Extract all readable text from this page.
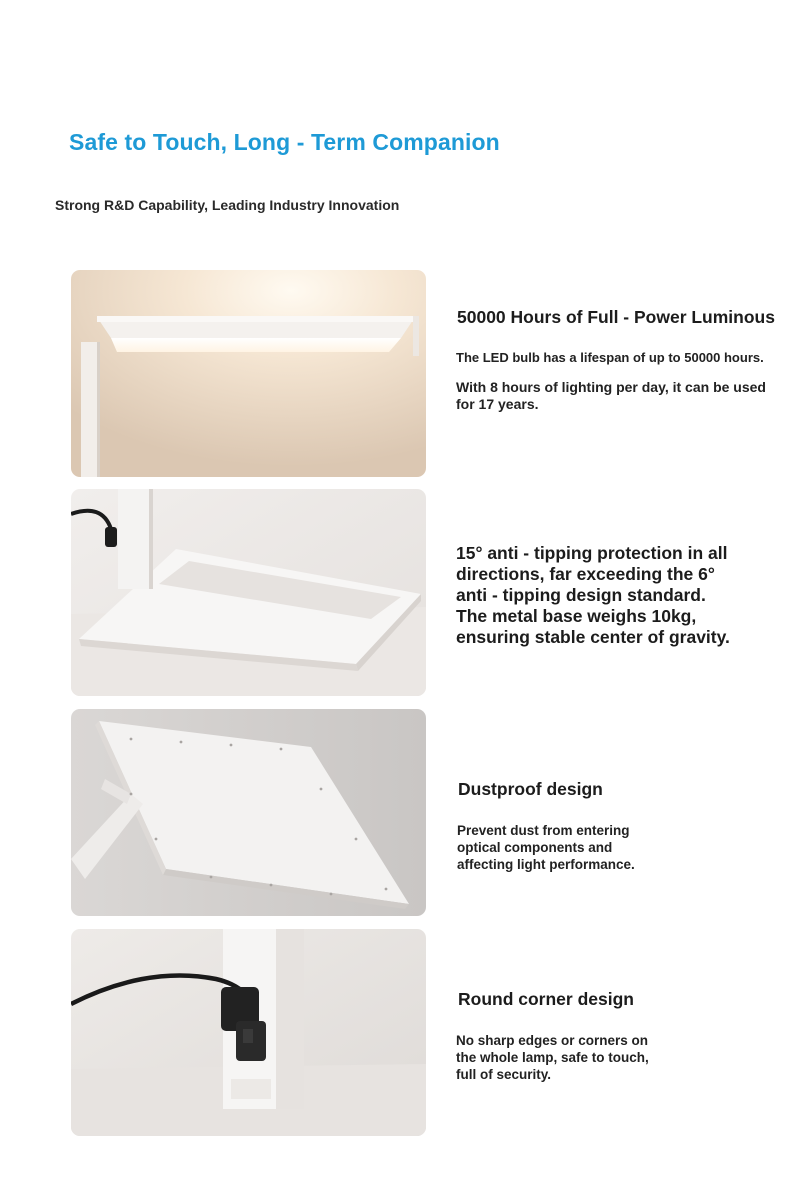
Safe to Touch, Long - Term Companion
Strong R&D Capability, Leading Industry Innovation
50000 Hours of Full - Power Luminous
The LED bulb has a lifespan of up to 50000 hours.
With 8 hours of lighting per day, it can be used
for 17 years.
15° anti - tipping protection in all
directions, far exceeding the 6°
anti - tipping design standard.
The metal base weighs 10kg,
ensuring stable center of gravity.
Dustproof design
Prevent dust from entering
optical components and
affecting light performance.
Round corner design
No sharp edges or corners on
the whole lamp, safe to touch,
full of security.
